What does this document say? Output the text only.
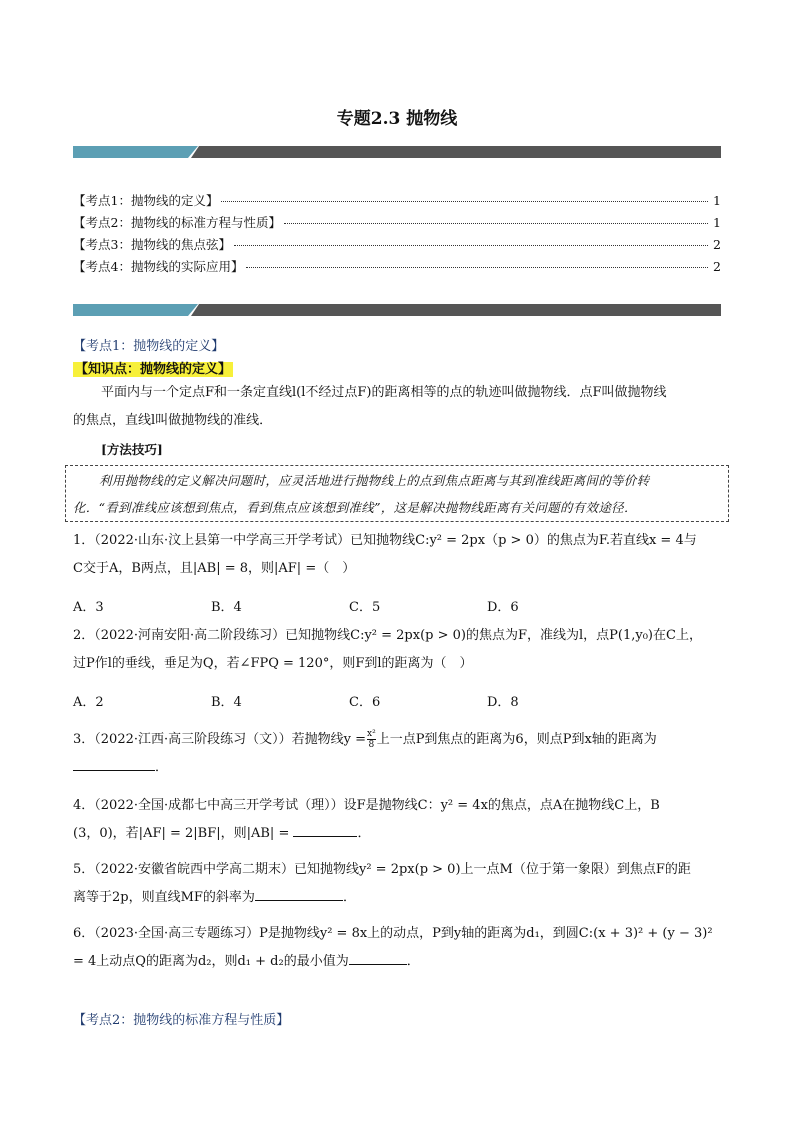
专题2.3 抛物线
【考点1：抛物线的定义】	1
【考点2：抛物线的标准方程与性质】	1
【考点3：抛物线的焦点弦】	2
【考点4：抛物线的实际应用】	2
【考点1：抛物线的定义】
【知识点：抛物线的定义】
平面内与一个定点F和一条定直线l(l不经过点F)的距离相等的点的轨迹叫做抛物线．点F叫做抛物线
的焦点，直线l叫做抛物线的准线．
[方法技巧]
利用抛物线的定义解决问题时，应灵活地进行抛物线上的点到焦点距离与其到准线距离间的等价转
化．“看到准线应该想到焦点，看到焦点应该想到准线”，这是解决抛物线距离有关问题的有效途径．
1．（2022·山东·汶上县第一中学高三开学考试）已知抛物线C:y² = 2px（p > 0）的焦点为F.若直线x = 4与
C交于A，B两点，且|AB| = 8，则|AF| =（　）
A．3	B．4	C．5	D．6
2．（2022·河南安阳·高二阶段练习）已知抛物线C:y² = 2px(p > 0)的焦点为F，准线为l，点P(1,y₀)在C上，
过P作l的垂线，垂足为Q，若∠FPQ = 120°，则F到l的距离为（　）
A．2	B．4	C．6	D．8
3．（2022·江西·高三阶段练习（文））若抛物线$y = \frac{\text{x²}}{8}$ 上一点P到焦点的距离为6，则点P到x轴的距离为
．
4．（2022·全国·成都七中高三开学考试（理））设F是抛物线C：y² = 4x的焦点，点A在抛物线C上，B
(3，0)，若|AF| = 2|BF|，则|AB| =	．
5．（2022·安徽省皖西中学高二期末）已知抛物线y² = 2px(p > 0)上一点M（位于第一象限）到焦点F的距
离等于2p，则直线MF的斜率为	．
6．（2023·全国·高三专题练习）P是抛物线y² = 8x上的动点，P到y轴的距离为d₁，到圆C:(x + 3)² + (y − 3)²
= 4上动点Q的距离为d₂，则d₁ + d₂的最小值为	．
【考点2：抛物线的标准方程与性质】
